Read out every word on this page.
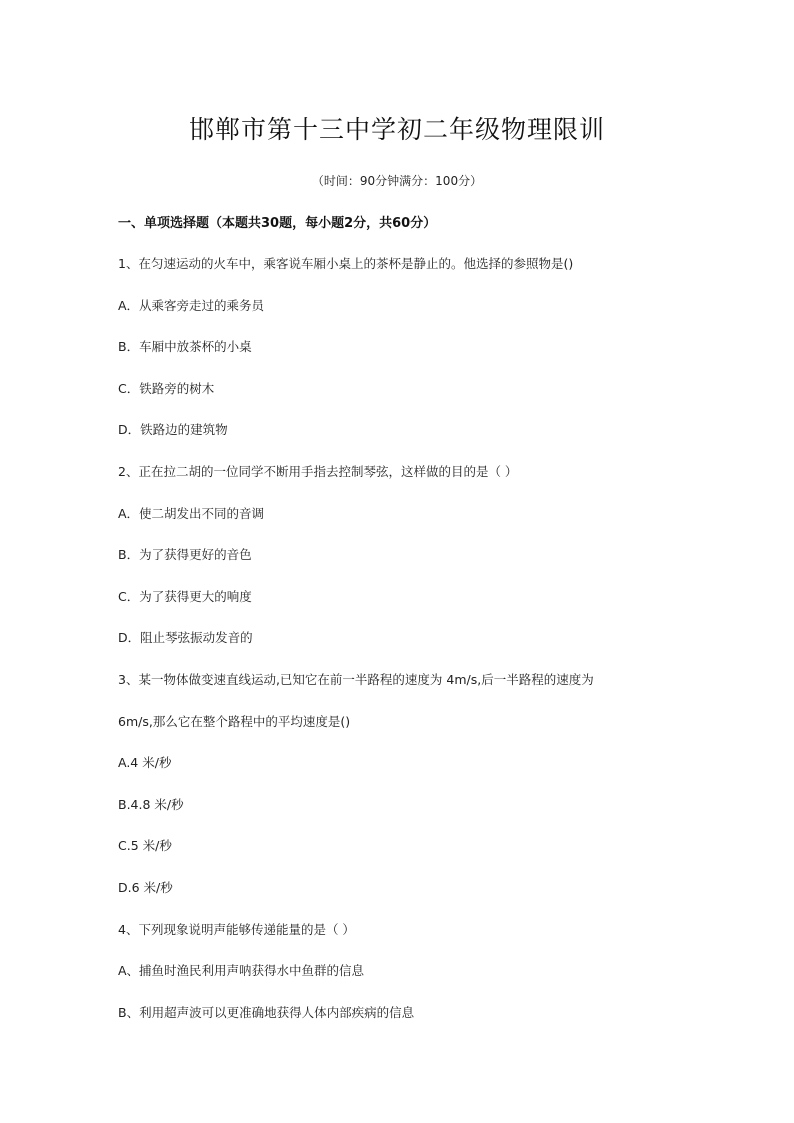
邯郸市第十三中学初二年级物理限训
（时间：90分钟满分：100分）
一、单项选择题（本题共30题，每小题2分，共60分）
1、在匀速运动的火车中，乘客说车厢小桌上的茶杯是静止的。他选择的参照物是()
A．从乘客旁走过的乘务员
B．车厢中放茶杯的小桌
C．铁路旁的树木
D．铁路边的建筑物
2、正在拉二胡的一位同学不断用手指去控制琴弦，这样做的目的是（ ）
A．使二胡发出不同的音调
B．为了获得更好的音色
C．为了获得更大的响度
D．阻止琴弦振动发音的
3、某一物体做变速直线运动,已知它在前一半路程的速度为 4m/s,后一半路程的速度为
6m/s,那么它在整个路程中的平均速度是()
A.4 米/秒
B.4.8 米/秒
C.5 米/秒
D.6 米/秒
4、下列现象说明声能够传递能量的是（ ）
A、捕鱼时渔民利用声呐获得水中鱼群的信息
B、利用超声波可以更准确地获得人体内部疾病的信息
